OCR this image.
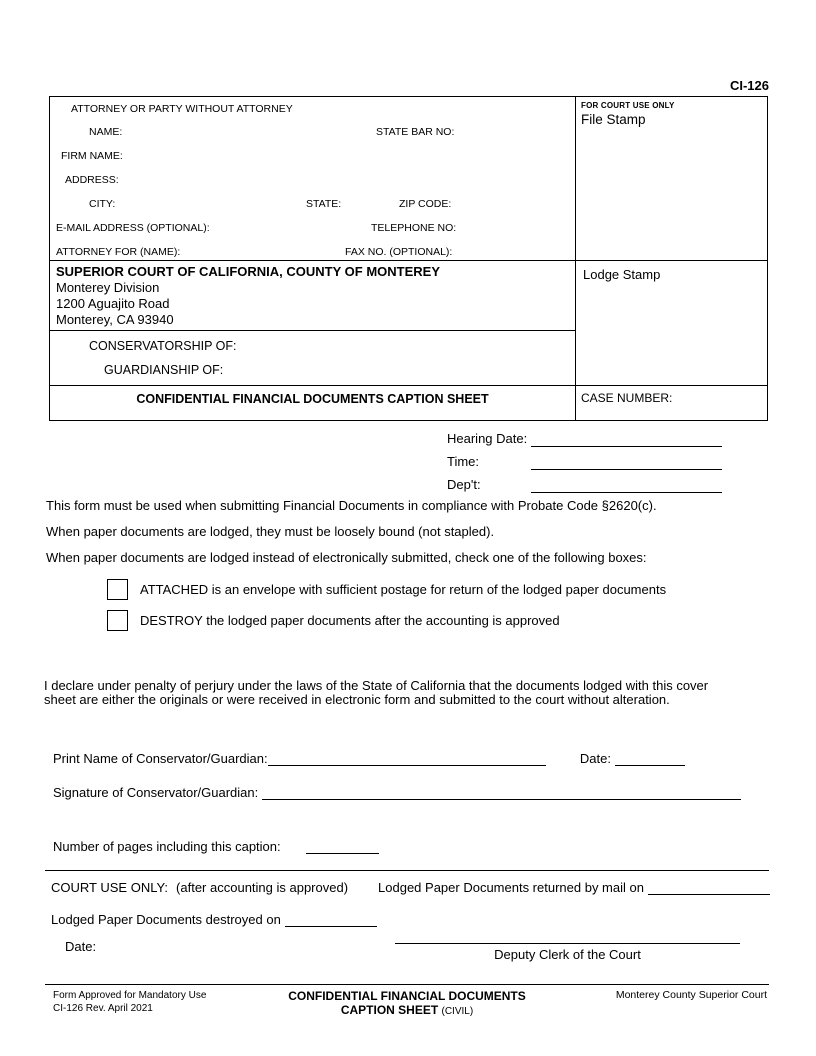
CI-126
ATTORNEY OR PARTY WITHOUT ATTORNEY
NAME:	STATE BAR NO:
FIRM NAME:
ADDRESS:
CITY:	STATE:	ZIP CODE:
E-MAIL ADDRESS (OPTIONAL):	TELEPHONE NO:
ATTORNEY FOR (NAME):	FAX NO. (OPTIONAL):
SUPERIOR COURT OF CALIFORNIA, COUNTY OF MONTEREY
Monterey Division
1200 Aguajito Road
Monterey, CA 93940
CONSERVATORSHIP OF:
GUARDIANSHIP OF:
CONFIDENTIAL FINANCIAL DOCUMENTS CAPTION SHEET
FOR COURT USE ONLY
File Stamp
Lodge Stamp
CASE NUMBER:
Hearing Date:
Time:
Dep't:
This form must be used when submitting Financial Documents in compliance with Probate Code §2620(c).
When paper documents are lodged, they must be loosely bound (not stapled).
When paper documents are lodged instead of electronically submitted, check one of the following boxes:
ATTACHED is an envelope with sufficient postage for return of the lodged paper documents
DESTROY the lodged paper documents after the accounting is approved
I declare under penalty of perjury under the laws of the State of California that the documents lodged with this cover sheet are either the originals or were received in electronic form and submitted to the court without alteration.
Print Name of Conservator/Guardian:	Date:
Signature of Conservator/Guardian:
Number of pages including this caption:
COURT USE ONLY: (after accounting is approved) Lodged Paper Documents returned by mail on
Lodged Paper Documents destroyed on
Date:
Deputy Clerk of the Court
Form Approved for Mandatory Use
CI-126 Rev. April 2021
CONFIDENTIAL FINANCIAL DOCUMENTS
CAPTION SHEET (CIVIL)
Monterey County Superior Court
